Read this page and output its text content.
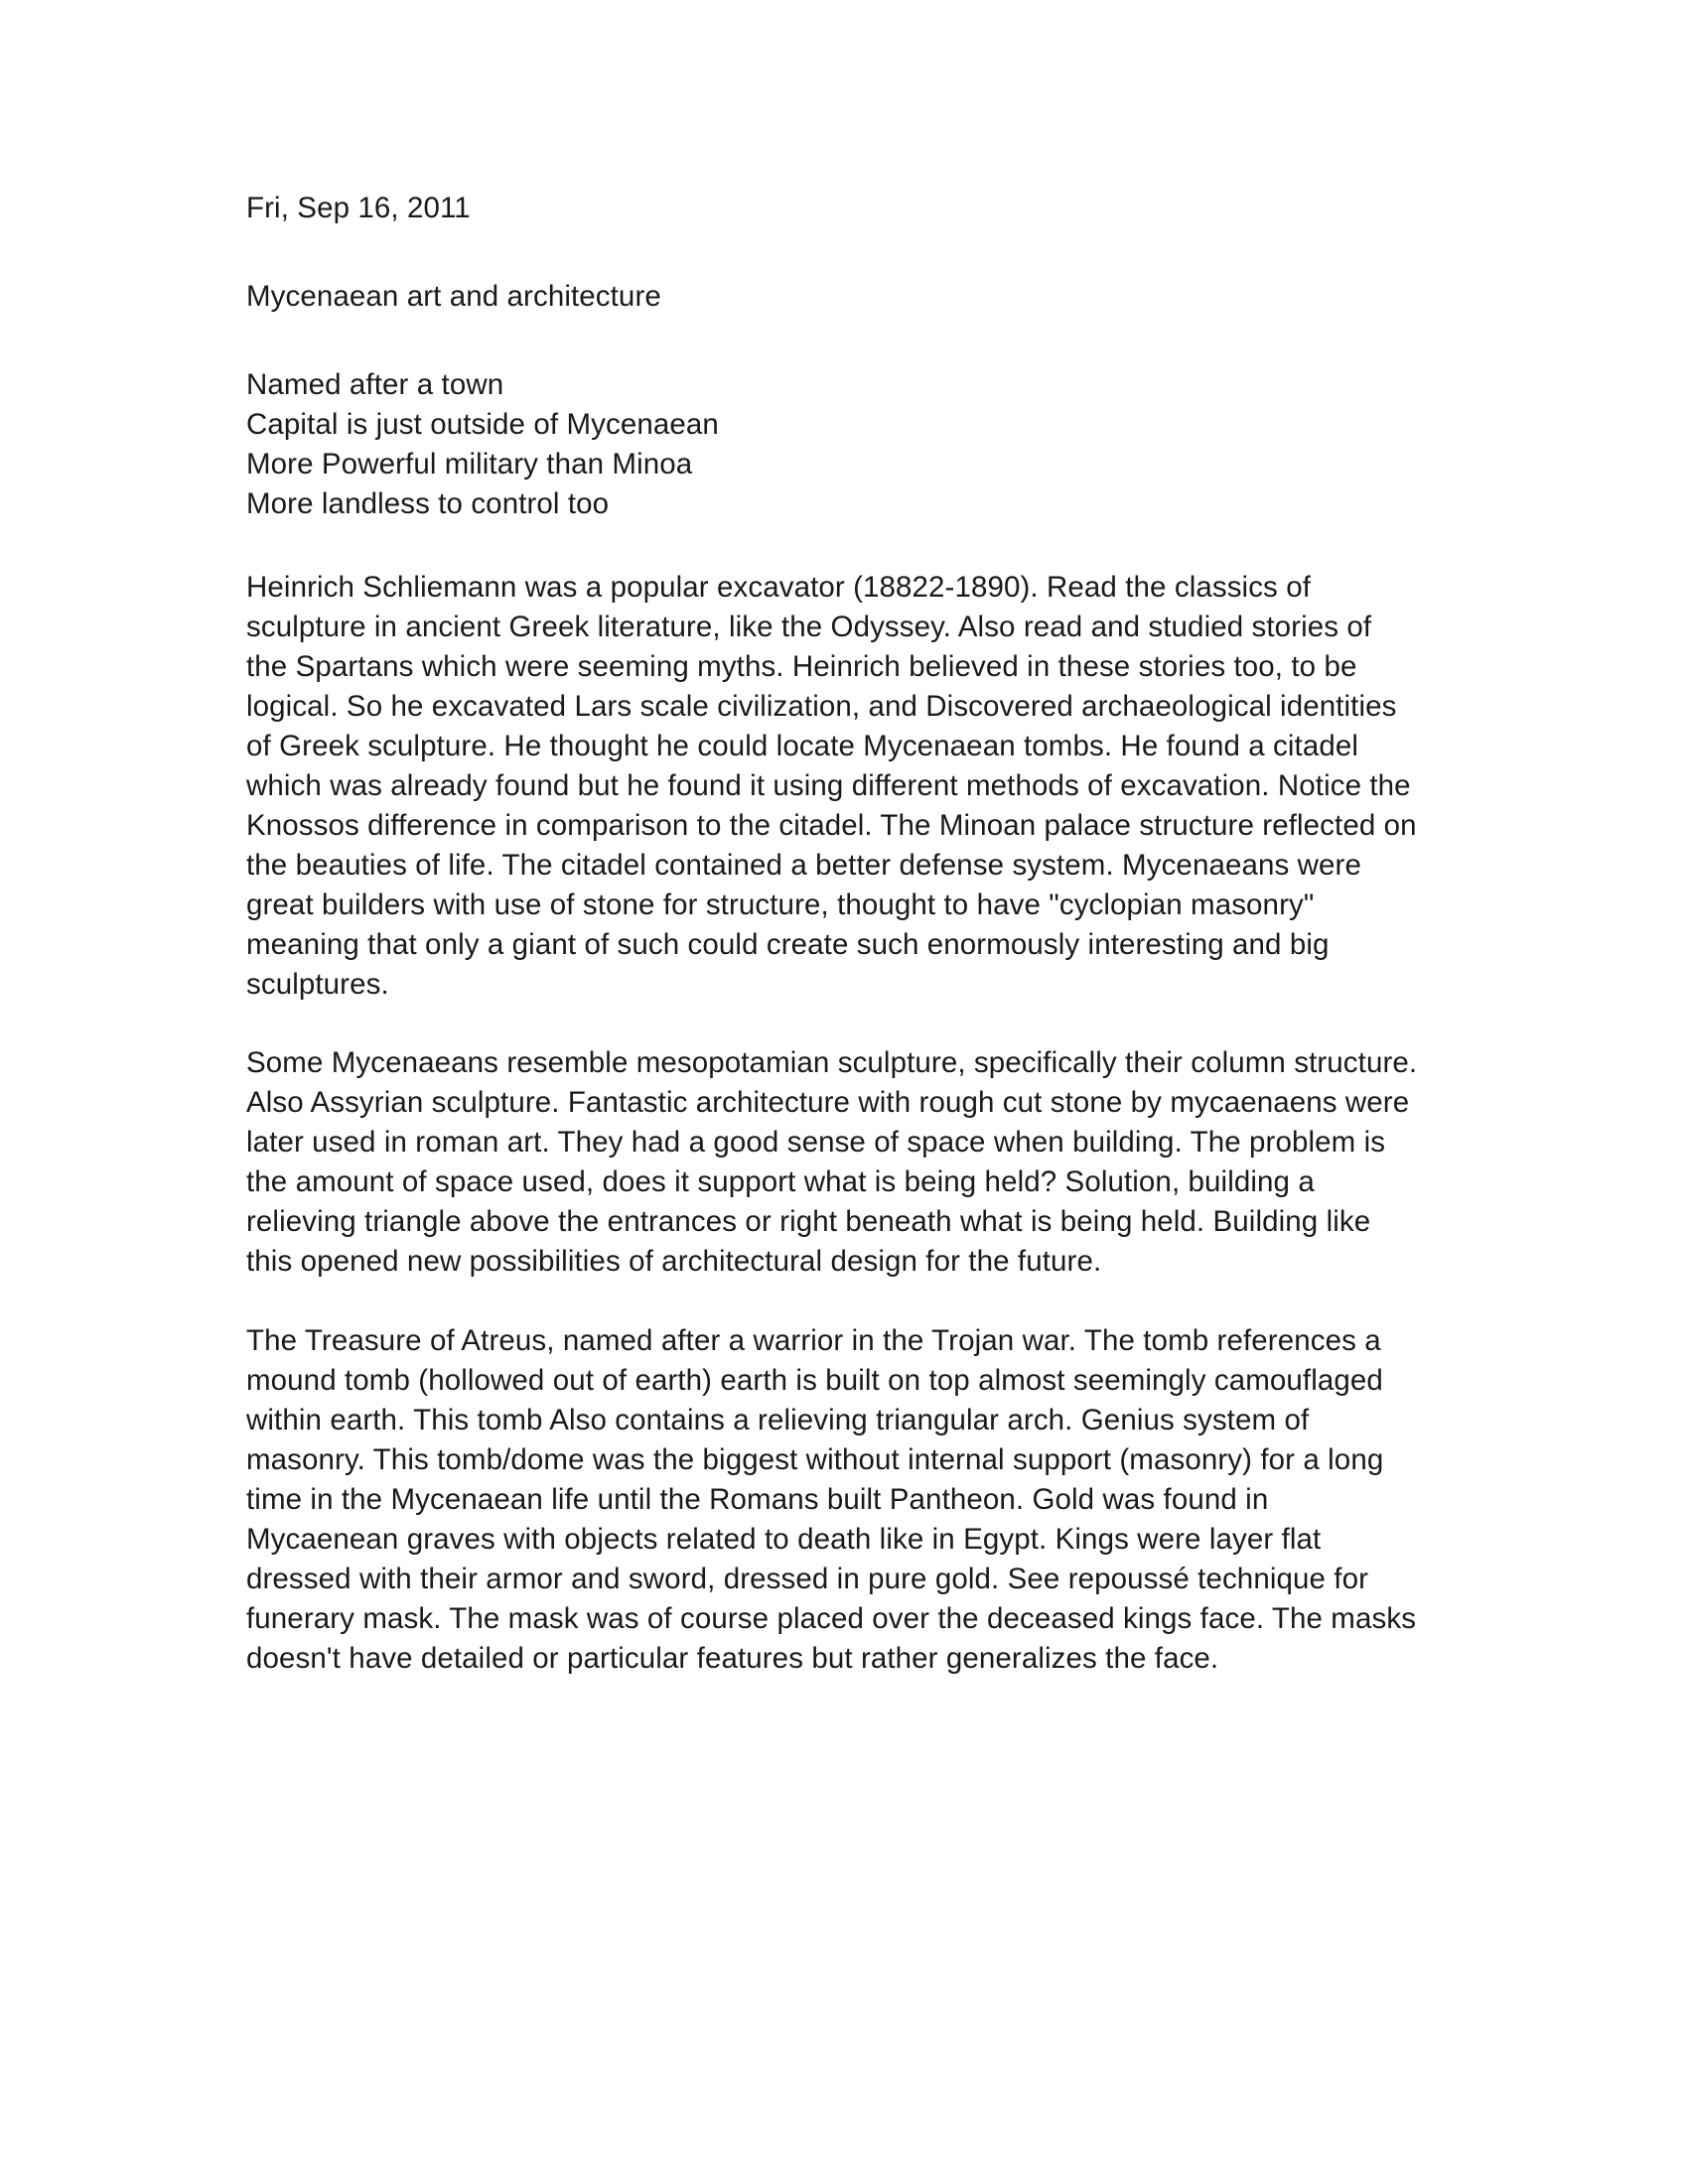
Fri, Sep 16, 2011
Mycenaean art and architecture
Named after a town
Capital is just outside of Mycenaean
More Powerful military than Minoa
More landless to control too

Heinrich Schliemann was a popular excavator (18822-1890). Read the classics of sculpture in ancient Greek literature, like the Odyssey. Also read and studied stories of the Spartans which were seeming myths. Heinrich believed in these stories too, to be logical. So he excavated Lars scale civilization, and Discovered archaeological identities of Greek sculpture. He thought he could locate Mycenaean tombs. He found a citadel which was already found but he found it using different methods of excavation. Notice the Knossos difference in comparison to the citadel. The Minoan palace structure reflected on the beauties of life. The citadel contained a better defense system. Mycenaeans were great builders with use of stone for structure, thought to have "cyclopian masonry" meaning that only a giant of such could create such enormously interesting and big sculptures.

Some Mycenaeans resemble mesopotamian sculpture, specifically their column structure. Also Assyrian sculpture. Fantastic architecture with rough cut stone by mycaenaens were later used in roman art. They had a good sense of space when building. The problem is the amount of space used, does it support what is being held? Solution, building a relieving triangle above the entrances or right beneath what is being held. Building like this opened new possibilities of architectural design for the future.

The Treasure of Atreus, named after a warrior in the Trojan war. The tomb references a mound tomb (hollowed out of earth) earth is built on top almost seemingly camouflaged within earth. This tomb Also contains a relieving triangular arch. Genius system of masonry. This tomb/dome was the biggest without internal support (masonry) for a long time in the Mycenaean life until the Romans built Pantheon. Gold was found in Mycaenean graves with objects related to death like in Egypt. Kings were layer flat dressed with their armor and sword, dressed in pure gold. See repoussé technique for funerary mask. The mask was of course placed over the deceased kings face. The masks doesn't have detailed or particular features but rather generalizes the face.
